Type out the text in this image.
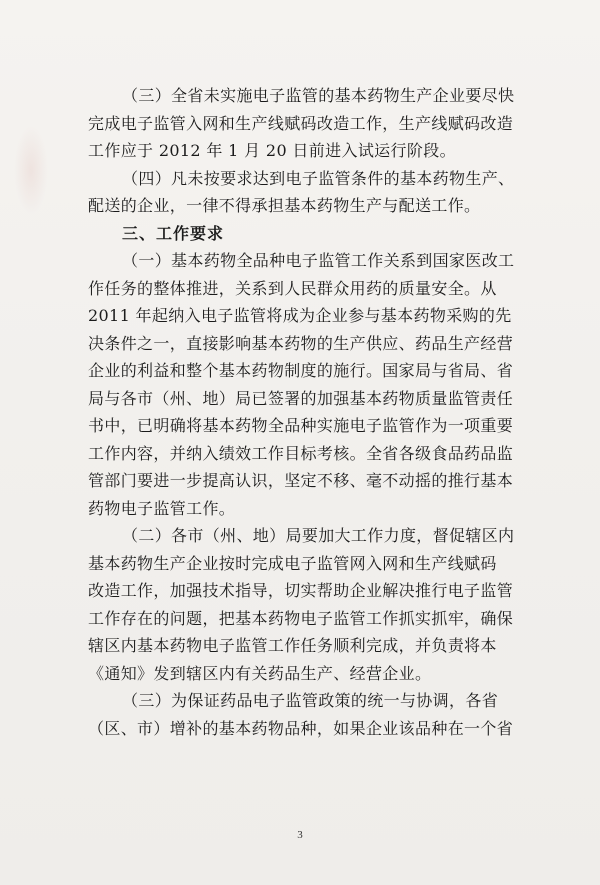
（三）全省未实施电子监管的基本药物生产企业要尽快
完成电子监管入网和生产线赋码改造工作，生产线赋码改造
工作应于 2012 年 1 月 20 日前进入试运行阶段。
（四）凡未按要求达到电子监管条件的基本药物生产、
配送的企业，一律不得承担基本药物生产与配送工作。
三、工作要求
（一）基本药物全品种电子监管工作关系到国家医改工
作任务的整体推进，关系到人民群众用药的质量安全。从
2011 年起纳入电子监管将成为企业参与基本药物采购的先
决条件之一，直接影响基本药物的生产供应、药品生产经营
企业的利益和整个基本药物制度的施行。国家局与省局、省
局与各市（州、地）局已签署的加强基本药物质量监管责任
书中，已明确将基本药物全品种实施电子监管作为一项重要
工作内容，并纳入绩效工作目标考核。全省各级食品药品监
管部门要进一步提高认识，坚定不移、毫不动摇的推行基本
药物电子监管工作。
（二）各市（州、地）局要加大工作力度，督促辖区内
基本药物生产企业按时完成电子监管网入网和生产线赋码
改造工作，加强技术指导，切实帮助企业解决推行电子监管
工作存在的问题，把基本药物电子监管工作抓实抓牢，确保
辖区内基本药物电子监管工作任务顺利完成，并负责将本
《通知》发到辖区内有关药品生产、经营企业。
（三）为保证药品电子监管政策的统一与协调，各省
（区、市）增补的基本药物品种，如果企业该品种在一个省
3
